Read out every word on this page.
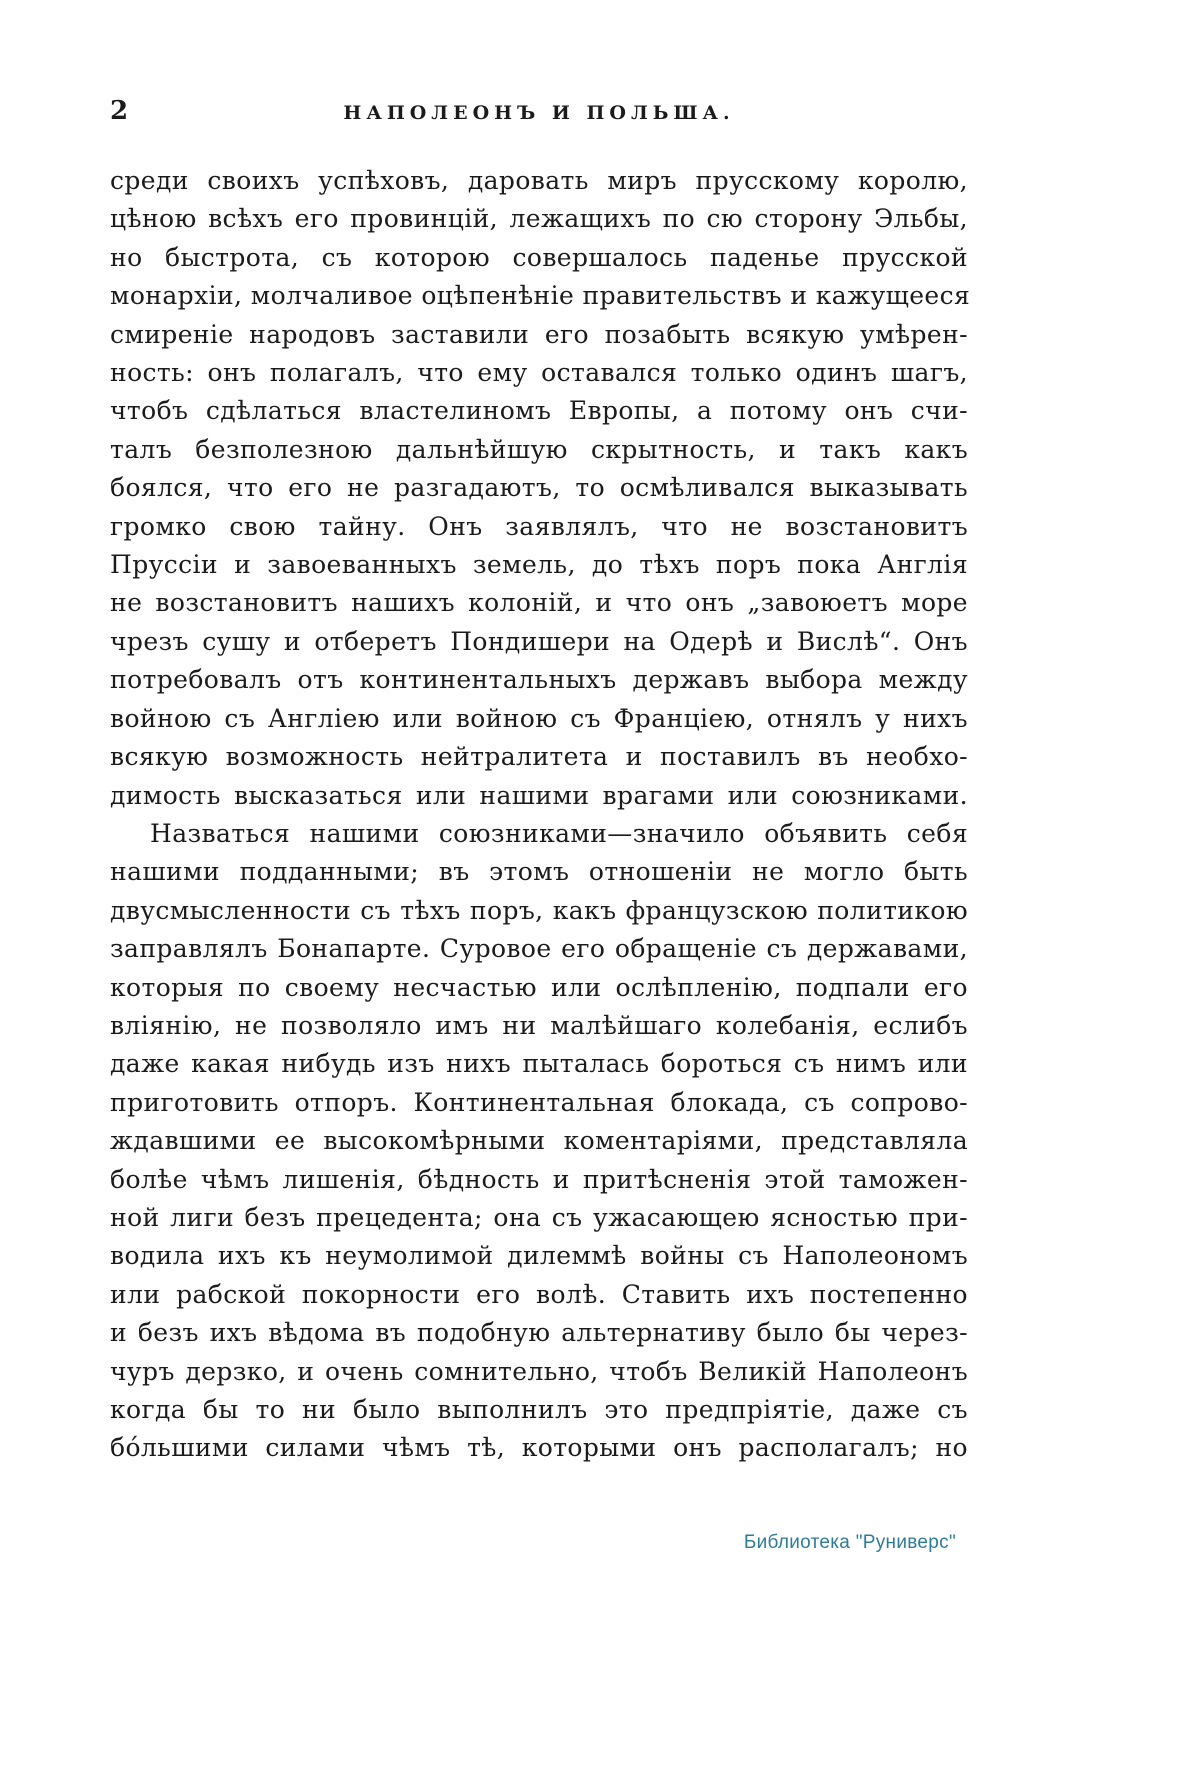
2	НАПОЛЕОНЪ И ПОЛЬША.
среди своихъ успѣховъ, даровать миръ прусскому королю,
цѣною всѣхъ его провинцій, лежащихъ по сю сторону Эльбы,
но быстрота, съ которою совершалось паденье прусской
монархіи, молчаливое оцѣпенѣніе правительствъ и кажущееся
смиреніе народовъ заставили его позабыть всякую умѣрен-
ность: онъ полагалъ, что ему оставался только одинъ шагъ,
чтобъ сдѣлаться властелиномъ Европы, а потому онъ счи-
талъ безполезною дальнѣйшую скрытность, и такъ какъ
боялся, что его не разгадаютъ, то осмѣливался выказывать
громко свою тайну. Онъ заявлялъ, что не возстановитъ
Пруссіи и завоеванныхъ земель, до тѣхъ поръ пока Англія
не возстановитъ нашихъ колоній, и что онъ „завоюетъ море
чрезъ сушу и отберетъ Пондишери на Одерѣ и Вислѣ“. Онъ
потребовалъ отъ континентальныхъ державъ выбора между
войною съ Англіею или войною съ Франціею, отнялъ у нихъ
всякую возможность нейтралитета и поставилъ въ необхо-
димость высказаться или нашими врагами или союзниками.
Назваться нашими союзниками—значило объявить себя
нашими подданными; въ этомъ отношеніи не могло быть
двусмысленности съ тѣхъ поръ, какъ французскою политикою
заправлялъ Бонапарте. Суровое его обращеніе съ державами,
которыя по своему несчастью или ослѣпленію, подпали его
вліянію, не позволяло имъ ни малѣйшаго колебанія, еслибъ
даже какая нибудь изъ нихъ пыталась бороться съ нимъ или
приготовить отпоръ. Континентальная блокада, съ сопрово-
ждавшими ее высокомѣрными коментаріями, представляла
болѣе чѣмъ лишенія, бѣдность и притѣсненія этой таможен-
ной лиги безъ прецедента; она съ ужасающею ясностью при-
водила ихъ къ неумолимой дилеммѣ войны съ Наполеономъ
или рабской покорности его волѣ. Ставить ихъ постепенно
и безъ ихъ вѣдома въ подобную альтернативу было бы через-
чуръ дерзко, и очень сомнительно, чтобъ Великій Наполеонъ
когда бы то ни было выполнилъ это предпріятіе, даже съ
бо́льшими силами чѣмъ тѣ, которыми онъ располагалъ; но
Библиотека "Руниверс"
